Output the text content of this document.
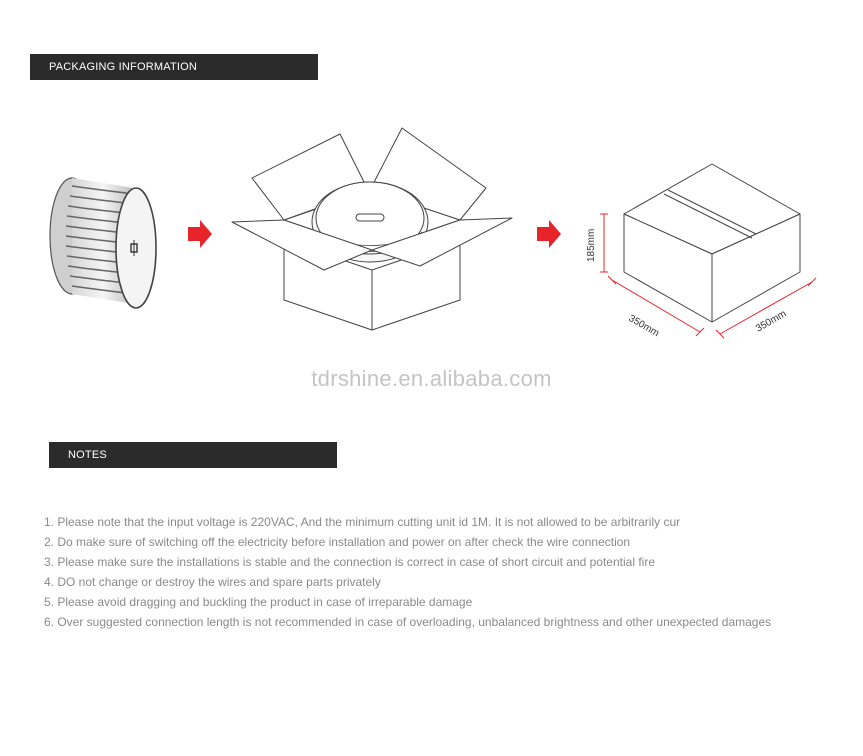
PACKAGING INFORMATION
185mm
350mm	350mm
tdrshine.en.alibaba.com
NOTES
1. Please note that the input voltage is 220VAC, And the minimum cutting unit id 1M. It is not allowed to be arbitrarily cur
2. Do make sure of switching off the electricity before installation and power on after check the wire connection
3. Please make sure the installations is stable and the connection is correct in case of short circuit and potential fire
4. DO not change or destroy the wires and spare parts privately
5. Please avoid dragging and buckling the product in case of irreparable damage
6. Over suggested connection length is not recommended in case of overloading, unbalanced brightness and other unexpected damages
